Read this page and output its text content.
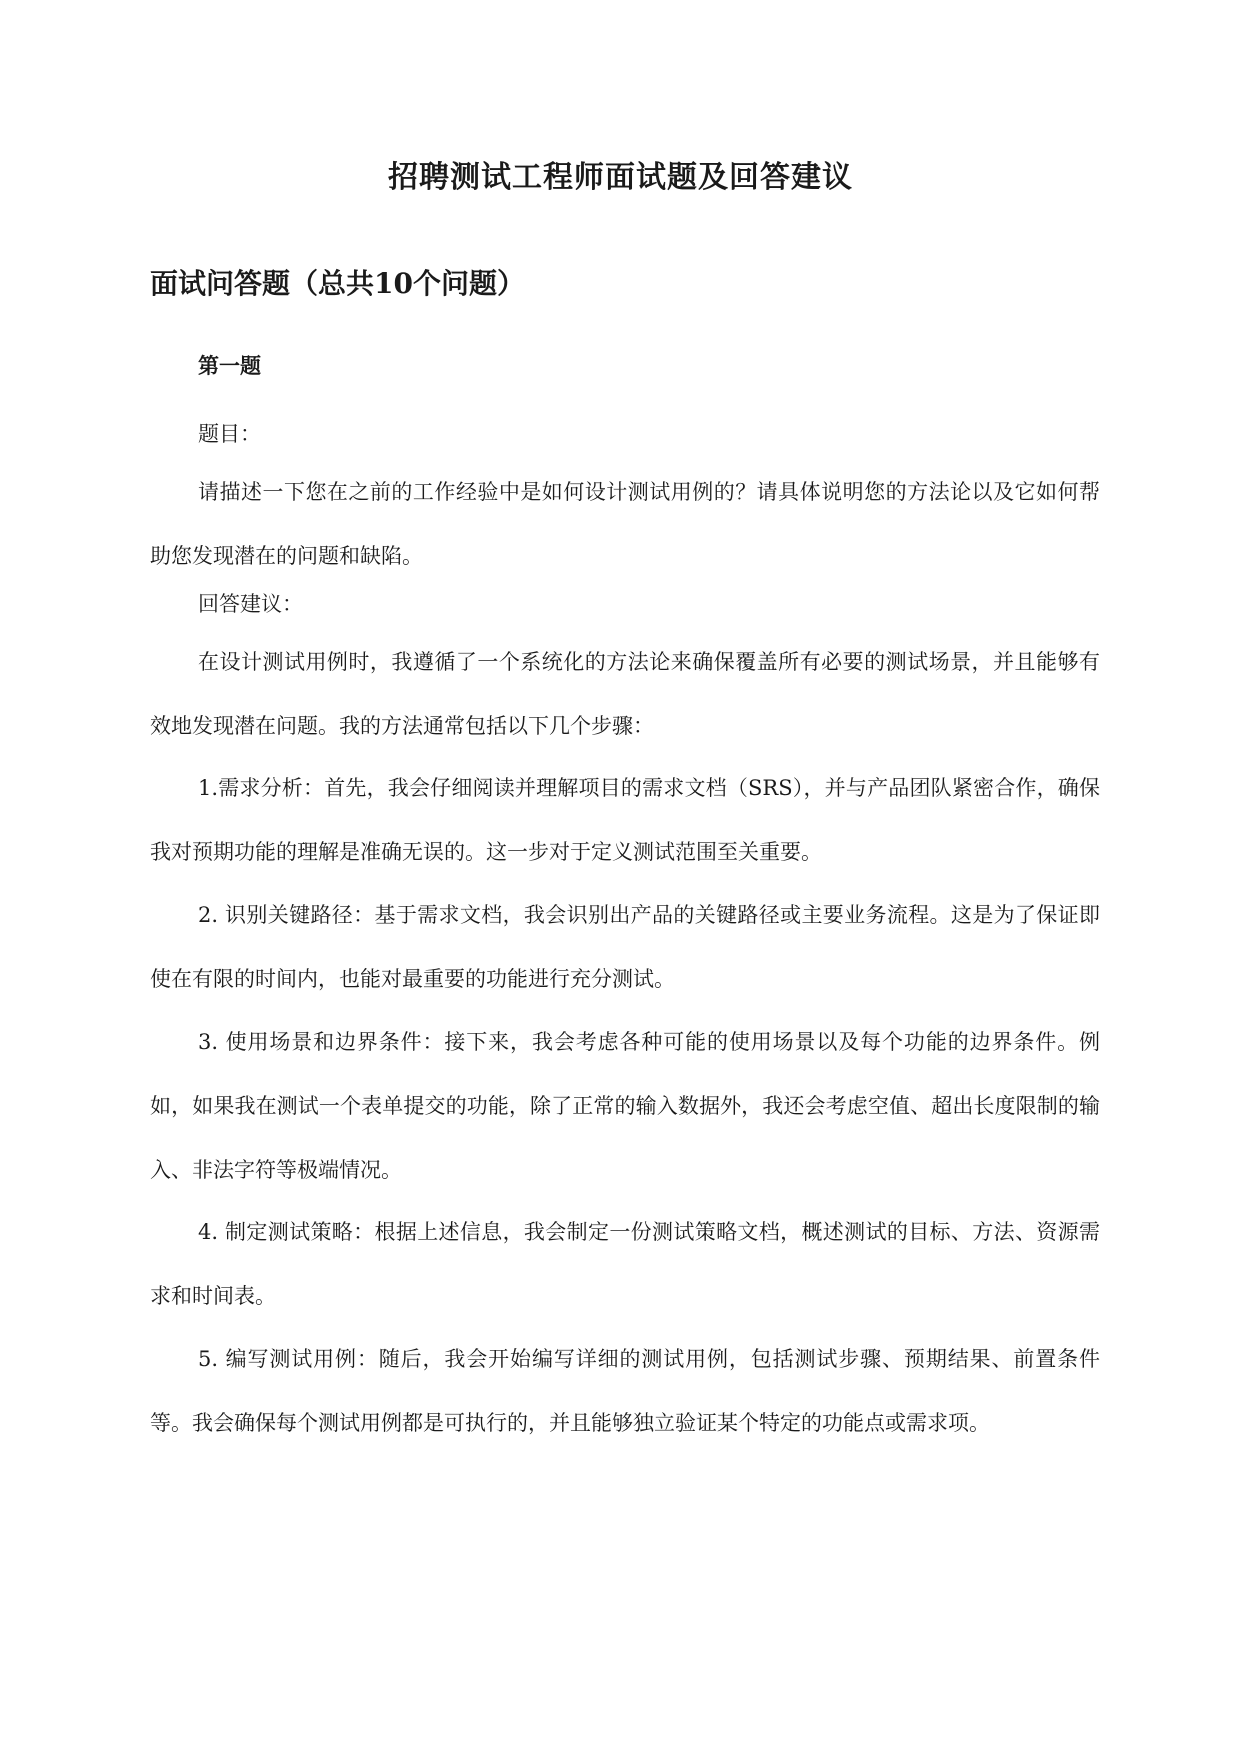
招聘测试工程师面试题及回答建议
面试问答题（总共10个问题）
第一题

题目：

请描述一下您在之前的工作经验中是如何设计测试用例的？请具体说明您的方法论以及它如何帮助您发现潜在的问题和缺陷。

回答建议：

在设计测试用例时，我遵循了一个系统化的方法论来确保覆盖所有必要的测试场景，并且能够有效地发现潜在问题。我的方法通常包括以下几个步骤：

1.需求分析：首先，我会仔细阅读并理解项目的需求文档（SRS），并与产品团队紧密合作，确保我对预期功能的理解是准确无误的。这一步对于定义测试范围至关重要。

2. 识别关键路径：基于需求文档，我会识别出产品的关键路径或主要业务流程。这是为了保证即使在有限的时间内，也能对最重要的功能进行充分测试。

3. 使用场景和边界条件：接下来，我会考虑各种可能的使用场景以及每个功能的边界条件。例如，如果我在测试一个表单提交的功能，除了正常的输入数据外，我还会考虑空值、超出长度限制的输入、非法字符等极端情况。

4. 制定测试策略：根据上述信息，我会制定一份测试策略文档，概述测试的目标、方法、资源需求和时间表。

5. 编写测试用例：随后，我会开始编写详细的测试用例，包括测试步骤、预期结果、前置条件等。我会确保每个测试用例都是可执行的，并且能够独立验证某个特定的功能点或需求项。
